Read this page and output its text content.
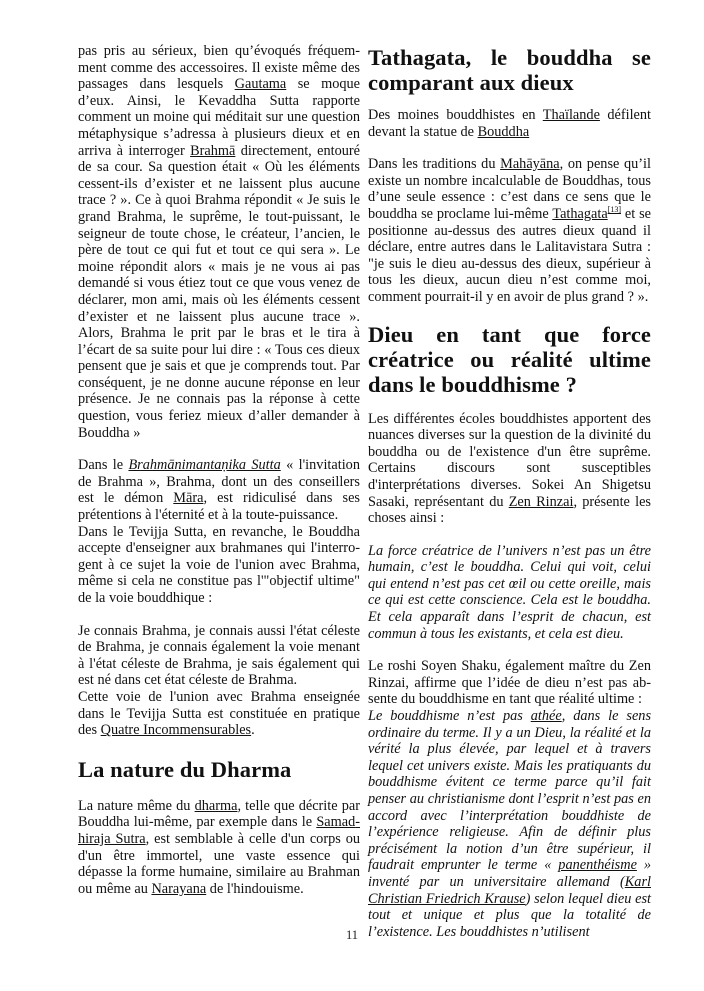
pas pris au sérieux, bien qu’évoqués fréquemment comme des accessoires. Il existe même des passages dans lesquels Gautama se moque d’eux. Ainsi, le Kevaddha Sutta rapporte comment un moine qui méditait sur une question métaphysique s’adressa à plusieurs dieux et en arriva à interroger Brahmā directement, entouré de sa cour. Sa question était « Où les éléments cessent-ils d’exister et ne laissent plus aucune trace ? ». Ce à quoi Brahma répondit « Je suis le grand Brahma, le suprême, le tout-puissant, le seigneur de toute chose, le créateur, l’ancien, le père de tout ce qui fut et tout ce qui sera ». Le moine répondit alors « mais je ne vous ai pas demandé si vous étiez tout ce que vous venez de déclarer, mon ami, mais où les éléments cessent d’exister et ne laissent plus aucune trace ». Alors, Brahma le prit par le bras et le tira à l’écart de sa suite pour lui dire : « Tous ces dieux pensent que je sais et que je comprends tout. Par conséquent, je ne donne aucune réponse en leur présence. Je ne connais pas la réponse à cette question, vous feriez mieux d’aller demander à Bouddha »

Dans le Brahmānimantaṇika Sutta « l'invitation de Brahma », Brahma, dont un des conseillers est le démon Māra, est ridiculisé dans ses prétentions à l'éternité et à la toute-puissance.

Dans le Tevijja Sutta, en revanche, le Bouddha accepte d'enseigner aux brahmanes qui l'interrogent à ce sujet la voie de l'union avec Brahma, même si cela ne constitue pas l'"objectif ultime" de la voie bouddhique :

Je connais Brahma, je connais aussi l'état céleste de Brahma, je connais également la voie menant à l'état céleste de Brahma, je sais également qui est né dans cet état céleste de Brahma.

Cette voie de l'union avec Brahma enseignée dans le Tevijja Sutta est constituée en pratique des Quatre Incommensurables.

La nature du Dharma

La nature même du dharma, telle que décrite par Bouddha lui-même, par exemple dans le Samadhiraja Sutra, est semblable à celle d'un corps ou d'un être immortel, une vaste essence qui dépasse la forme humaine, similaire au Brahman ou même au Narayana de l'hindouisme.

Tathagata, le bouddha se comparant aux dieux

Des moines bouddhistes en Thaïlande défilent devant la statue de Bouddha

Dans les traditions du Mahāyāna, on pense qu’il existe un nombre incalculable de Bouddhas, tous d’une seule essence : c’est dans ce sens que le bouddha se proclame lui-même Tathagata[13] et se positionne au-dessus des autres dieux quand il déclare, entre autres dans le Lalitavistara Sutra : "je suis le dieu au-dessus des dieux, supérieur à tous les dieux, aucun dieu n’est comme moi, comment pourrait-il y en avoir de plus grand ? ».

Dieu en tant que force créatrice ou réalité ultime dans le bouddhisme ?

Les différentes écoles bouddhistes apportent des nuances diverses sur la question de la divinité du bouddha ou de l'existence d'un être suprême. Certains discours sont susceptibles d'interprétations diverses. Sokei An Shigetsu Sasaki, représentant du Zen Rinzai, présente les choses ainsi :

La force créatrice de l’univers n’est pas un être humain, c’est le bouddha. Celui qui voit, celui qui entend n’est pas cet œil ou cette oreille, mais ce qui est cette conscience. Cela est le bouddha. Et cela apparaît dans l’esprit de chacun, est commun à tous les existants, et cela est dieu.

Le roshi Soyen Shaku, également maître du Zen Rinzai, affirme que l’idée de dieu n’est pas absente du bouddhisme en tant que réalité ultime :

Le bouddhisme n’est pas athée, dans le sens ordinaire du terme. Il y a un Dieu, la réalité et la vérité la plus élevée, par lequel et à travers lequel cet univers existe. Mais les pratiquants du bouddhisme évitent ce terme parce qu’il fait penser au christianisme dont l’esprit n’est pas en accord avec l’interprétation bouddhiste de l’expérience religieuse. Afin de définir plus précisément la notion d’un être supérieur, il faudrait emprunter le terme « panenthéisme » inventé par un universitaire allemand (Karl Christian Friedrich Krause) selon lequel dieu est tout et unique et plus que la totalité de l’existence. Les bouddhistes n’utilisent

11
